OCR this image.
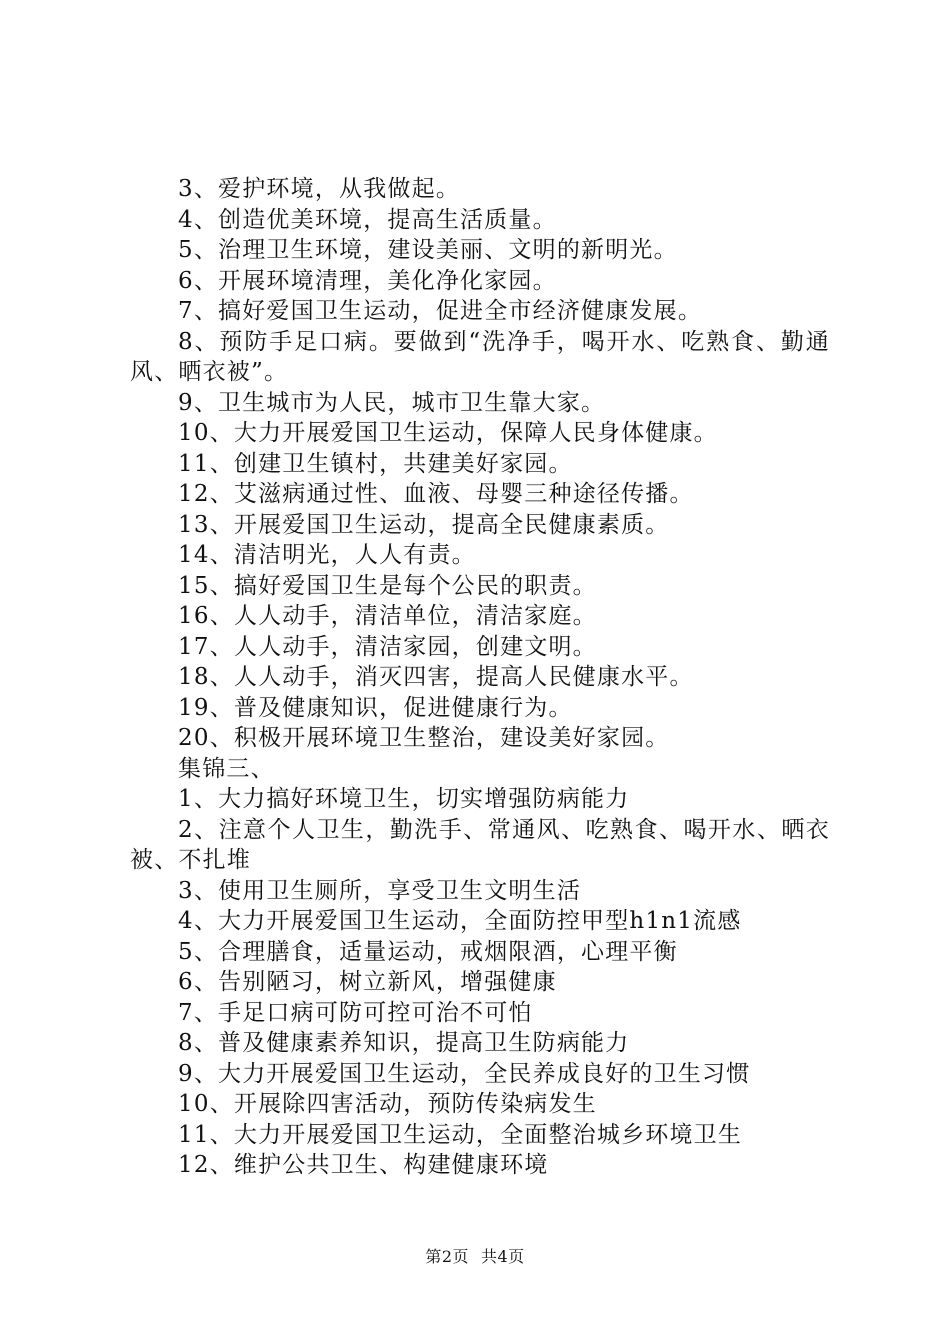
3、爱护环境，从我做起。
4、创造优美环境，提高生活质量。
5、治理卫生环境，建设美丽、文明的新明光。
6、开展环境清理，美化净化家园。
7、搞好爱国卫生运动，促进全市经济健康发展。
8、预防手足口病。要做到“洗净手，喝开水、吃熟食、勤通风、晒衣被”。
9、卫生城市为人民，城市卫生靠大家。
10、大力开展爱国卫生运动，保障人民身体健康。
11、创建卫生镇村，共建美好家园。
12、艾滋病通过性、血液、母婴三种途径传播。
13、开展爱国卫生运动，提高全民健康素质。
14、清洁明光，人人有责。
15、搞好爱国卫生是每个公民的职责。
16、人人动手，清洁单位，清洁家庭。
17、人人动手，清洁家园，创建文明。
18、人人动手，消灭四害，提高人民健康水平。
19、普及健康知识，促进健康行为。
20、积极开展环境卫生整治，建设美好家园。
集锦三、
1、大力搞好环境卫生，切实增强防病能力
2、注意个人卫生，勤洗手、常通风、吃熟食、喝开水、晒衣被、不扎堆
3、使用卫生厕所，享受卫生文明生活
4、大力开展爱国卫生运动，全面防控甲型h1n1流感
5、合理膳食，适量运动，戒烟限酒，心理平衡
6、告别陋习，树立新风，增强健康
7、手足口病可防可控可治不可怕
8、普及健康素养知识，提高卫生防病能力
9、大力开展爱国卫生运动，全民养成良好的卫生习惯
10、开展除四害活动，预防传染病发生
11、大力开展爱国卫生运动，全面整治城乡环境卫生
12、维护公共卫生、构建健康环境
第2页 共4页
